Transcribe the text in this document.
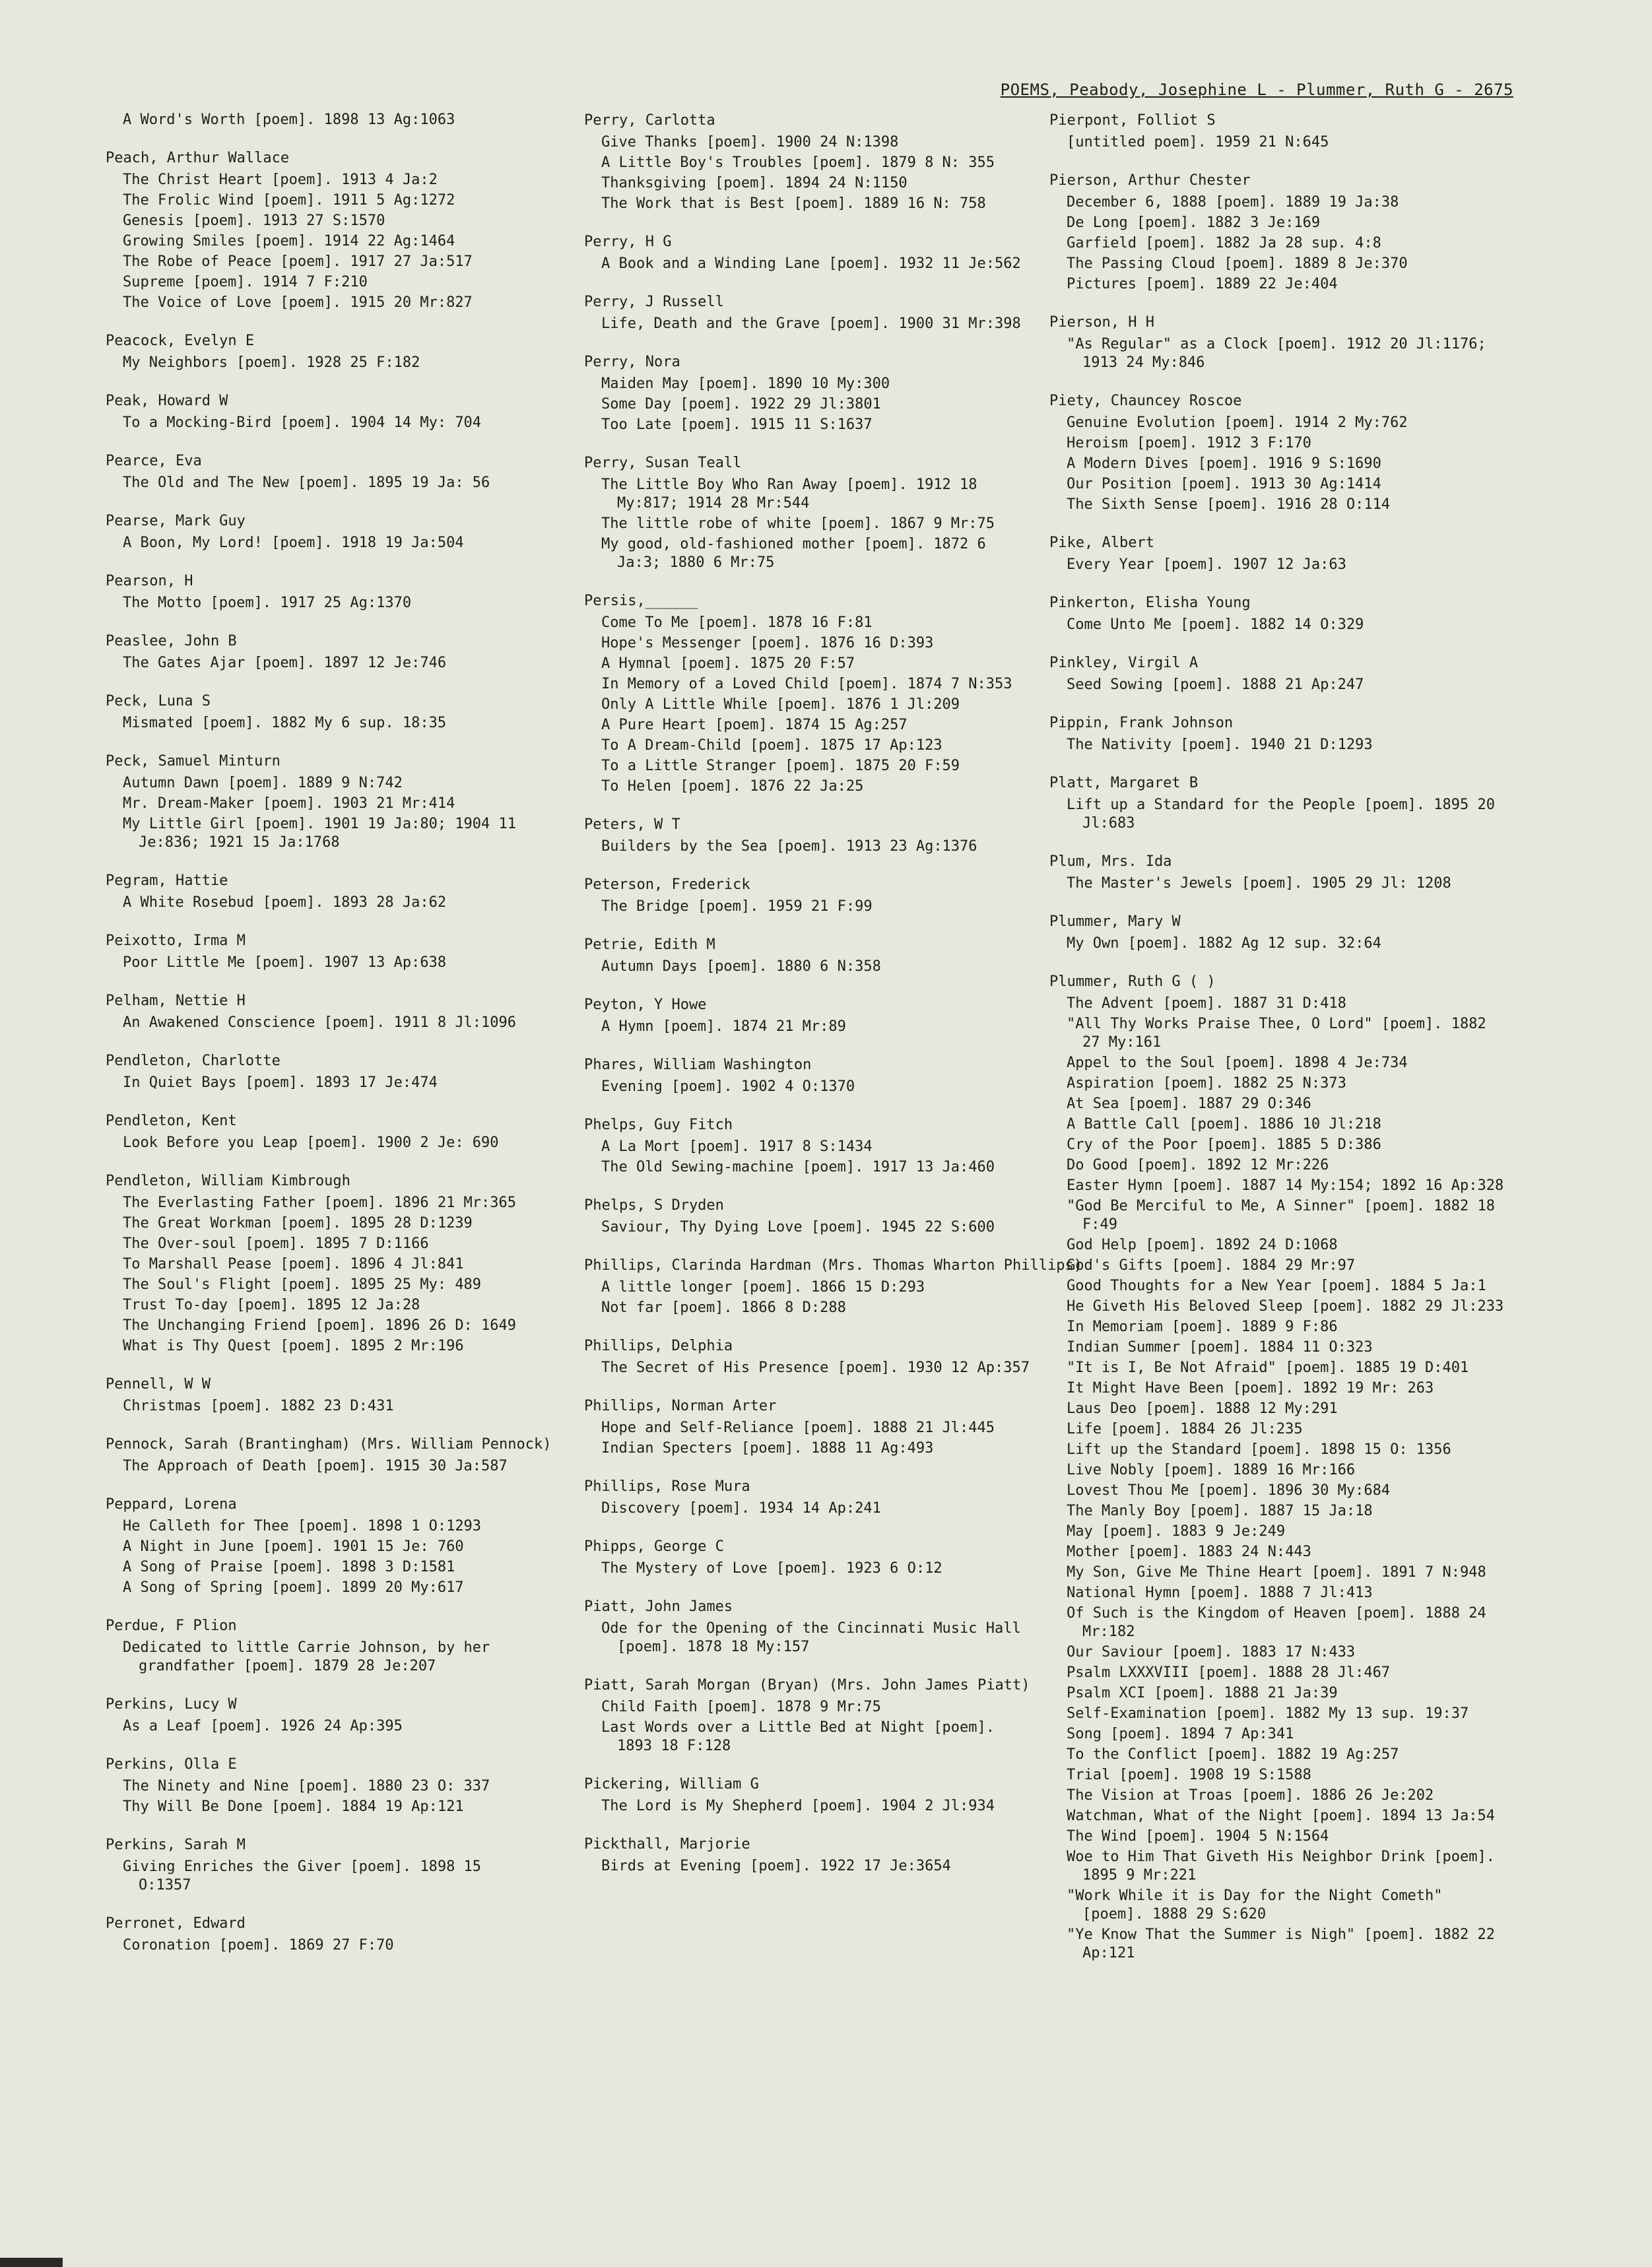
POEMS, Peabody, Josephine L - Plummer, Ruth G - 2675
A Word's Worth [poem]. 1898 13 Ag:1063
Peach, Arthur Wallace
The Christ Heart [poem]. 1913 4 Ja:2
The Frolic Wind [poem]. 1911 5 Ag:1272
Genesis [poem]. 1913 27 S:1570
Growing Smiles [poem]. 1914 22 Ag:1464
The Robe of Peace [poem]. 1917 27 Ja:517
Supreme [poem]. 1914 7 F:210
The Voice of Love [poem]. 1915 20 Mr:827
Peacock, Evelyn E
My Neighbors [poem]. 1928 25 F:182
Peak, Howard W
To a Mocking-Bird [poem]. 1904 14 My: 704
Pearce, Eva
The Old and The New [poem]. 1895 19 Ja: 56
Pearse, Mark Guy
A Boon, My Lord! [poem]. 1918 19 Ja:504
Pearson, H
The Motto [poem]. 1917 25 Ag:1370
Peaslee, John B
The Gates Ajar [poem]. 1897 12 Je:746
Peck, Luna S
Mismated [poem]. 1882 My 6 sup. 18:35
Peck, Samuel Minturn
Autumn Dawn [poem]. 1889 9 N:742
Mr. Dream-Maker [poem]. 1903 21 Mr:414
My Little Girl [poem]. 1901 19 Ja:80; 1904 11 Je:836; 1921 15 Ja:1768
Pegram, Hattie
A White Rosebud [poem]. 1893 28 Ja:62
Peixotto, Irma M
Poor Little Me [poem]. 1907 13 Ap:638
Pelham, Nettie H
An Awakened Conscience [poem]. 1911 8 Jl:1096
Pendleton, Charlotte
In Quiet Bays [poem]. 1893 17 Je:474
Pendleton, Kent
Look Before you Leap [poem]. 1900 2 Je: 690
Pendleton, William Kimbrough
The Everlasting Father [poem]. 1896 21 Mr:365
The Great Workman [poem]. 1895 28 D:1239
The Over-soul [poem]. 1895 7 D:1166
To Marshall Pease [poem]. 1896 4 Jl:841
The Soul's Flight [poem]. 1895 25 My: 489
Trust To-day [poem]. 1895 12 Ja:28
The Unchanging Friend [poem]. 1896 26 D: 1649
What is Thy Quest [poem]. 1895 2 Mr:196
Pennell, W W
Christmas [poem]. 1882 23 D:431
Pennock, Sarah (Brantingham) (Mrs. William Pennock)
The Approach of Death [poem]. 1915 30 Ja:587
Peppard, Lorena
He Calleth for Thee [poem]. 1898 1 O:1293
A Night in June [poem]. 1901 15 Je: 760
A Song of Praise [poem]. 1898 3 D:1581
A Song of Spring [poem]. 1899 20 My:617
Perdue, F Plion
Dedicated to little Carrie Johnson, by her grandfather [poem]. 1879 28 Je:207
Perkins, Lucy W
As a Leaf [poem]. 1926 24 Ap:395
Perkins, Olla E
The Ninety and Nine [poem]. 1880 23 O: 337
Thy Will Be Done [poem]. 1884 19 Ap:121
Perkins, Sarah M
Giving Enriches the Giver [poem]. 1898 15 O:1357
Perronet, Edward
Coronation [poem]. 1869 27 F:70
Perry, Carlotta
Give Thanks [poem]. 1900 24 N:1398
A Little Boy's Troubles [poem]. 1879 8 N: 355
Thanksgiving [poem]. 1894 24 N:1150
The Work that is Best [poem]. 1889 16 N: 758
Perry, H G
A Book and a Winding Lane [poem]. 1932 11 Je:562
Perry, J Russell
Life, Death and the Grave [poem]. 1900 31 Mr:398
Perry, Nora
Maiden May [poem]. 1890 10 My:300
Some Day [poem]. 1922 29 Jl:3801
Too Late [poem]. 1915 11 S:1637
Perry, Susan Teall
The Little Boy Who Ran Away [poem]. 1912 18 My:817; 1914 28 Mr:544
The little robe of white [poem]. 1867 9 Mr:75
My good, old-fashioned mother [poem]. 1872 6 Ja:3; 1880 6 Mr:75
Persis,______
Come To Me [poem]. 1878 16 F:81
Hope's Messenger [poem]. 1876 16 D:393
A Hymnal [poem]. 1875 20 F:57
In Memory of a Loved Child [poem]. 1874 7 N:353
Only A Little While [poem]. 1876 1 Jl:209
A Pure Heart [poem]. 1874 15 Ag:257
To A Dream-Child [poem]. 1875 17 Ap:123
To a Little Stranger [poem]. 1875 20 F:59
To Helen [poem]. 1876 22 Ja:25
Peters, W T
Builders by the Sea [poem]. 1913 23 Ag:1376
Peterson, Frederick
The Bridge [poem]. 1959 21 F:99
Petrie, Edith M
Autumn Days [poem]. 1880 6 N:358
Peyton, Y Howe
A Hymn [poem]. 1874 21 Mr:89
Phares, William Washington
Evening [poem]. 1902 4 O:1370
Phelps, Guy Fitch
A La Mort [poem]. 1917 8 S:1434
The Old Sewing-machine [poem]. 1917 13 Ja:460
Phelps, S Dryden
Saviour, Thy Dying Love [poem]. 1945 22 S:600
Phillips, Clarinda Hardman (Mrs. Thomas Wharton Phillips)
A little longer [poem]. 1866 15 D:293
Not far [poem]. 1866 8 D:288
Phillips, Delphia
The Secret of His Presence [poem]. 1930 12 Ap:357
Phillips, Norman Arter
Hope and Self-Reliance [poem]. 1888 21 Jl:445
Indian Specters [poem]. 1888 11 Ag:493
Phillips, Rose Mura
Discovery [poem]. 1934 14 Ap:241
Phipps, George C
The Mystery of Love [poem]. 1923 6 O:12
Piatt, John James
Ode for the Opening of the Cincinnati Music Hall [poem]. 1878 18 My:157
Piatt, Sarah Morgan (Bryan) (Mrs. John James Piatt)
Child Faith [poem]. 1878 9 Mr:75
Last Words over a Little Bed at Night [poem]. 1893 18 F:128
Pickering, William G
The Lord is My Shepherd [poem]. 1904 2 Jl:934
Pickthall, Marjorie
Birds at Evening [poem]. 1922 17 Je:3654
Pierpont, Folliot S
[untitled poem]. 1959 21 N:645
Pierson, Arthur Chester
December 6, 1888 [poem]. 1889 19 Ja:38
De Long [poem]. 1882 3 Je:169
Garfield [poem]. 1882 Ja 28 sup. 4:8
The Passing Cloud [poem]. 1889 8 Je:370
Pictures [poem]. 1889 22 Je:404
Pierson, H H
"As Regular" as a Clock [poem]. 1912 20 Jl:1176; 1913 24 My:846
Piety, Chauncey Roscoe
Genuine Evolution [poem]. 1914 2 My:762
Heroism [poem]. 1912 3 F:170
A Modern Dives [poem]. 1916 9 S:1690
Our Position [poem]. 1913 30 Ag:1414
The Sixth Sense [poem]. 1916 28 O:114
Pike, Albert
Every Year [poem]. 1907 12 Ja:63
Pinkerton, Elisha Young
Come Unto Me [poem]. 1882 14 O:329
Pinkley, Virgil A
Seed Sowing [poem]. 1888 21 Ap:247
Pippin, Frank Johnson
The Nativity [poem]. 1940 21 D:1293
Platt, Margaret B
Lift up a Standard for the People [poem]. 1895 20 Jl:683
Plum, Mrs. Ida
The Master's Jewels [poem]. 1905 29 Jl: 1208
Plummer, Mary W
My Own [poem]. 1882 Ag 12 sup. 32:64
Plummer, Ruth G ( )
The Advent [poem]. 1887 31 D:418
"All Thy Works Praise Thee, O Lord" [poem]. 1882 27 My:161
Appel to the Soul [poem]. 1898 4 Je:734
Aspiration [poem]. 1882 25 N:373
At Sea [poem]. 1887 29 O:346
A Battle Call [poem]. 1886 10 Jl:218
Cry of the Poor [poem]. 1885 5 D:386
Do Good [poem]. 1892 12 Mr:226
Easter Hymn [poem]. 1887 14 My:154; 1892 16 Ap:328
"God Be Merciful to Me, A Sinner" [poem]. 1882 18 F:49
God Help [poem]. 1892 24 D:1068
God's Gifts [poem]. 1884 29 Mr:97
Good Thoughts for a New Year [poem]. 1884 5 Ja:1
He Giveth His Beloved Sleep [poem]. 1882 29 Jl:233
In Memoriam [poem]. 1889 9 F:86
Indian Summer [poem]. 1884 11 O:323
"It is I, Be Not Afraid" [poem]. 1885 19 D:401
It Might Have Been [poem]. 1892 19 Mr: 263
Laus Deo [poem]. 1888 12 My:291
Life [poem]. 1884 26 Jl:235
Lift up the Standard [poem]. 1898 15 O: 1356
Live Nobly [poem]. 1889 16 Mr:166
Lovest Thou Me [poem]. 1896 30 My:684
The Manly Boy [poem]. 1887 15 Ja:18
May [poem]. 1883 9 Je:249
Mother [poem]. 1883 24 N:443
My Son, Give Me Thine Heart [poem]. 1891 7 N:948
National Hymn [poem]. 1888 7 Jl:413
Of Such is the Kingdom of Heaven [poem]. 1888 24 Mr:182
Our Saviour [poem]. 1883 17 N:433
Psalm LXXXVIII [poem]. 1888 28 Jl:467
Psalm XCI [poem]. 1888 21 Ja:39
Self-Examination [poem]. 1882 My 13 sup. 19:37
Song [poem]. 1894 7 Ap:341
To the Conflict [poem]. 1882 19 Ag:257
Trial [poem]. 1908 19 S:1588
The Vision at Troas [poem]. 1886 26 Je:202
Watchman, What of the Night [poem]. 1894 13 Ja:54
The Wind [poem]. 1904 5 N:1564
Woe to Him That Giveth His Neighbor Drink [poem]. 1895 9 Mr:221
"Work While it is Day for the Night Cometh" [poem]. 1888 29 S:620
"Ye Know That the Summer is Nigh" [poem]. 1882 22 Ap:121
